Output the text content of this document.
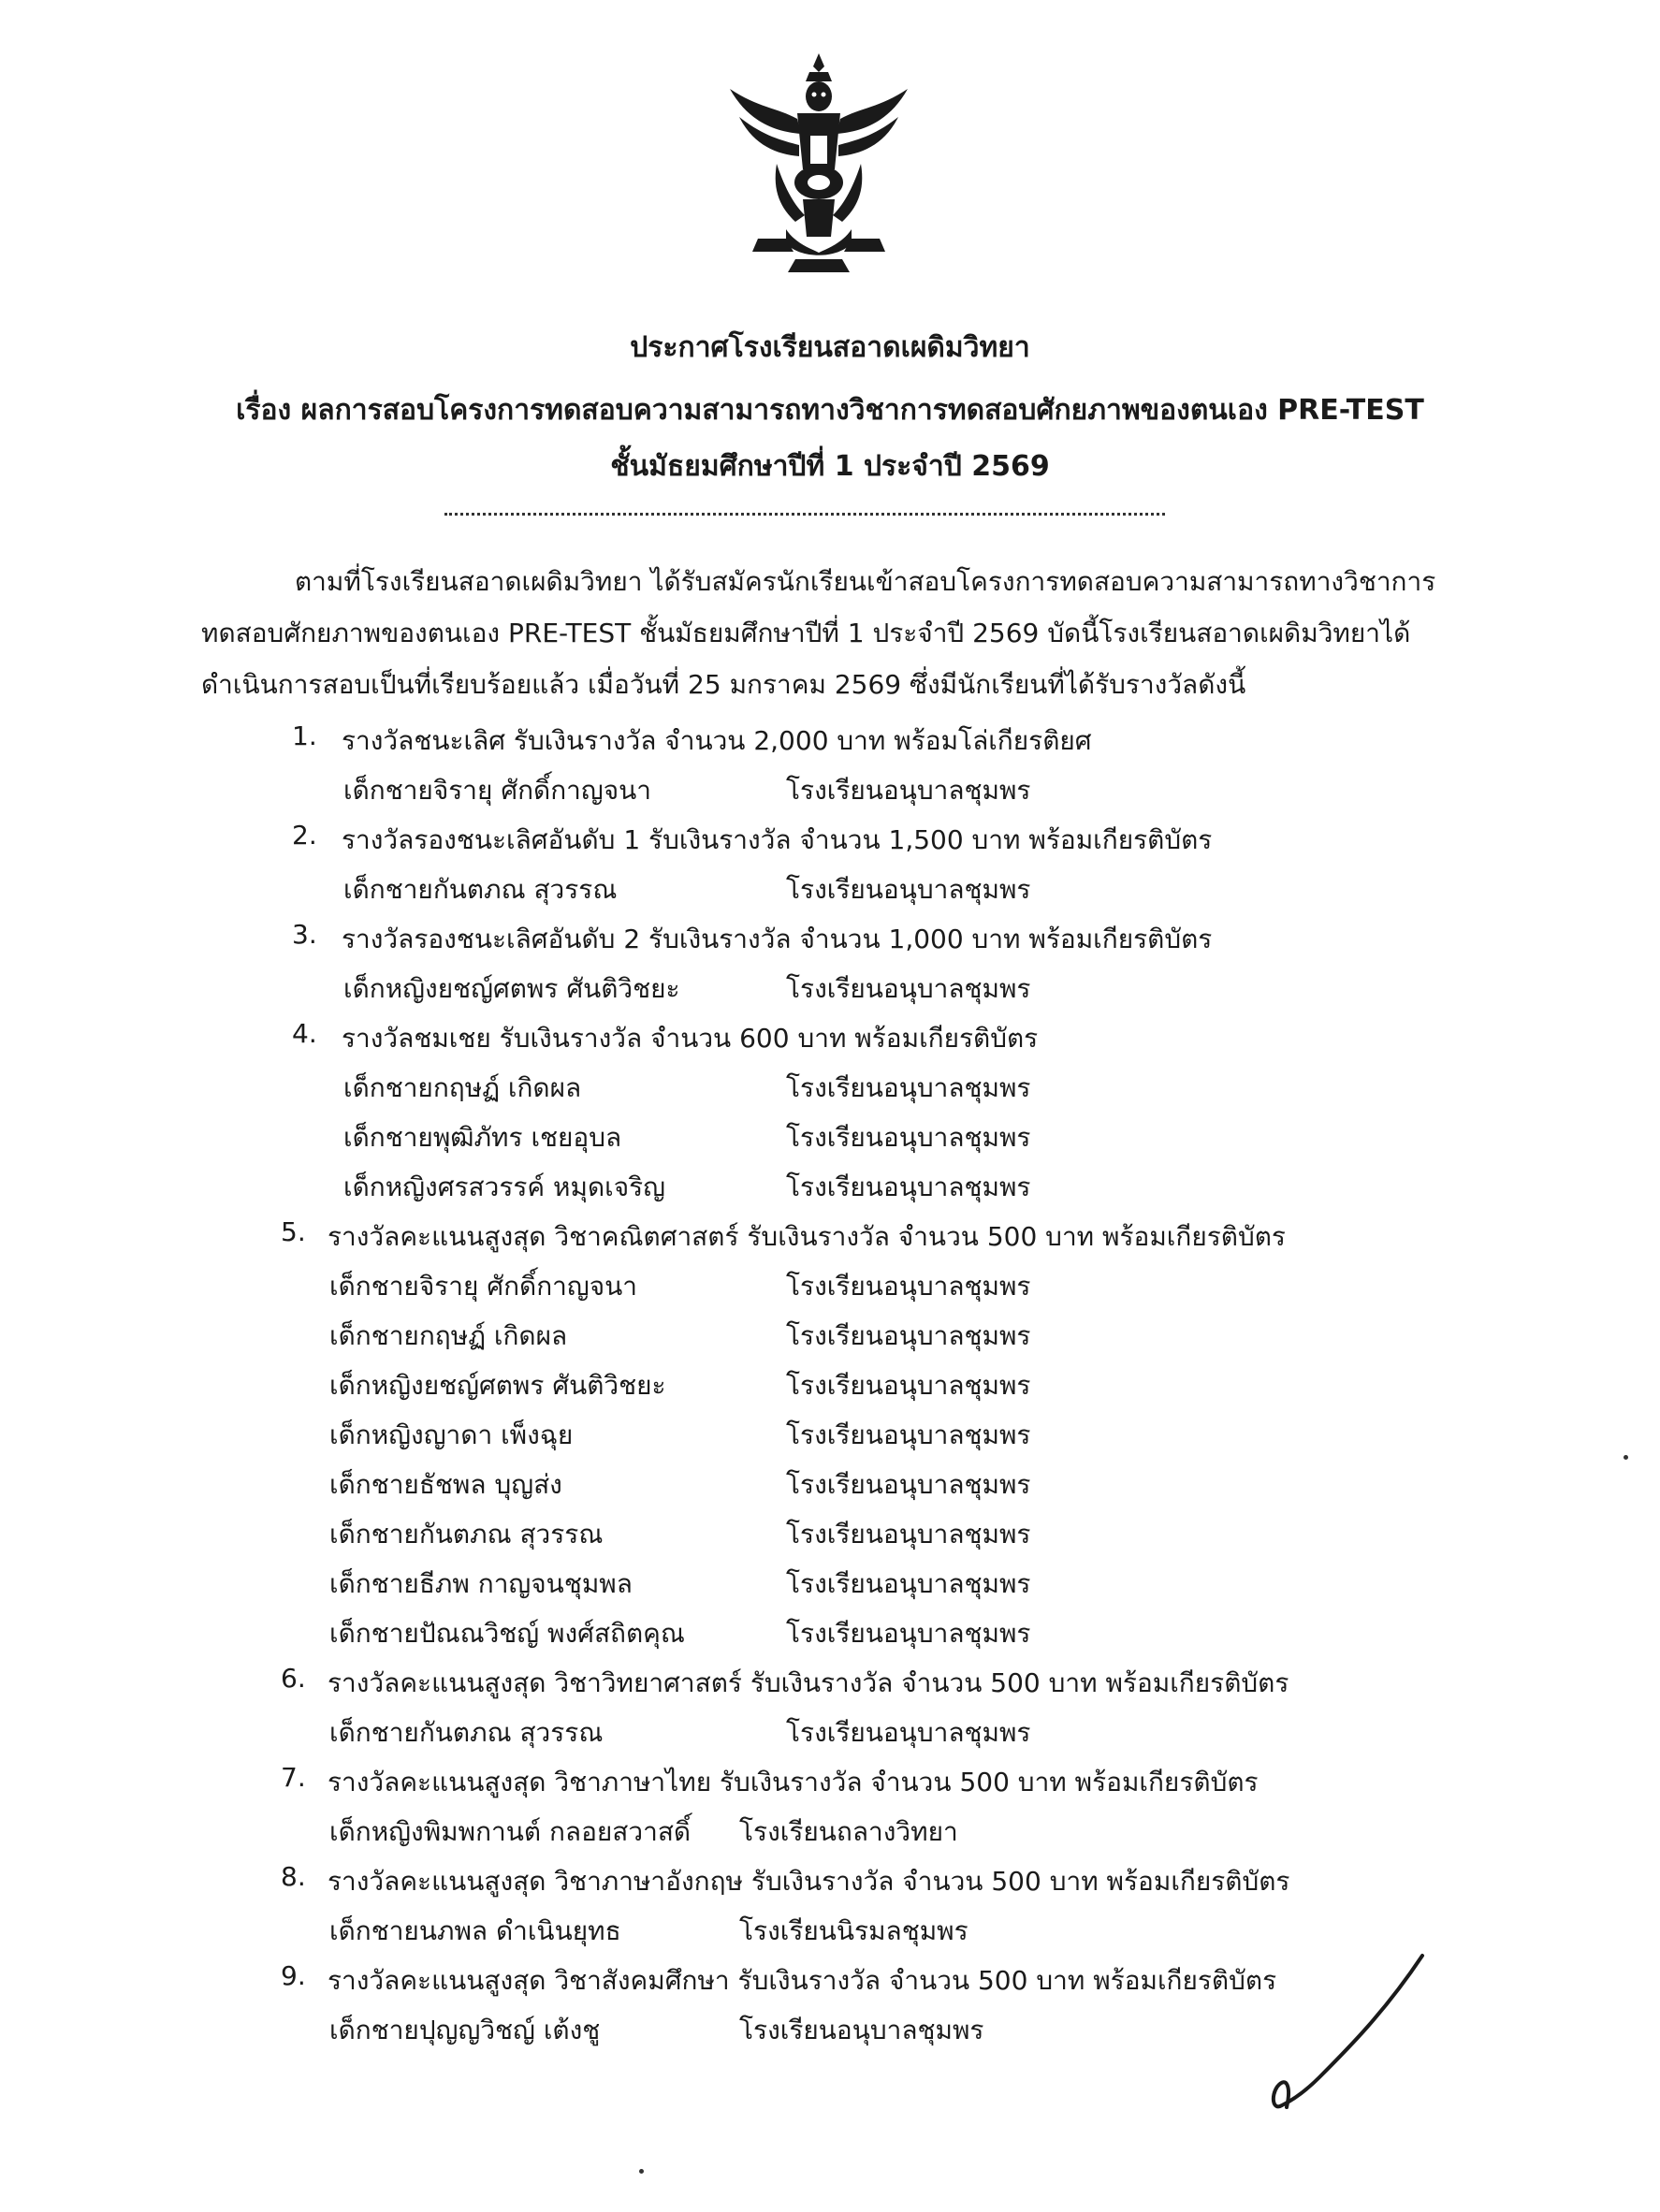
ประกาศโรงเรียนสอาดเผดิมวิทยา
เรื่อง ผลการสอบโครงการทดสอบความสามารถทางวิชาการทดสอบศักยภาพของตนเอง PRE-TEST
ชั้นมัธยมศึกษาปีที่ 1 ประจำปี 2569
ตามที่โรงเรียนสอาดเผดิมวิทยา ได้รับสมัครนักเรียนเข้าสอบโครงการทดสอบความสามารถทางวิชาการ
ทดสอบศักยภาพของตนเอง PRE-TEST ชั้นมัธยมศึกษาปีที่ 1 ประจำปี 2569 บัดนี้โรงเรียนสอาดเผดิมวิทยาได้
ดำเนินการสอบเป็นที่เรียบร้อยแล้ว เมื่อวันที่ 25 มกราคม 2569 ซึ่งมีนักเรียนที่ได้รับรางวัลดังนี้
1. รางวัลชนะเลิศ รับเงินรางวัล จำนวน 2,000 บาท พร้อมโล่เกียรติยศ
เด็กชายจิรายุ ศักดิ์กาญจนา	โรงเรียนอนุบาลชุมพร
2. รางวัลรองชนะเลิศอันดับ 1 รับเงินรางวัล จำนวน 1,500 บาท พร้อมเกียรติบัตร
เด็กชายกันตภณ สุวรรณ	โรงเรียนอนุบาลชุมพร
3. รางวัลรองชนะเลิศอันดับ 2 รับเงินรางวัล จำนวน 1,000 บาท พร้อมเกียรติบัตร
เด็กหญิงยชญ์ศตพร ศันติวิชยะ	โรงเรียนอนุบาลชุมพร
4. รางวัลชมเชย รับเงินรางวัล จำนวน 600 บาท พร้อมเกียรติบัตร
เด็กชายกฤษฏ์ เกิดผล	โรงเรียนอนุบาลชุมพร
เด็กชายพุฒิภัทร เชยอุบล	โรงเรียนอนุบาลชุมพร
เด็กหญิงศรสวรรค์ หมุดเจริญ	โรงเรียนอนุบาลชุมพร
5. รางวัลคะแนนสูงสุด วิชาคณิตศาสตร์ รับเงินรางวัล จำนวน 500 บาท พร้อมเกียรติบัตร
เด็กชายจิรายุ ศักดิ์กาญจนา	โรงเรียนอนุบาลชุมพร
เด็กชายกฤษฏ์ เกิดผล	โรงเรียนอนุบาลชุมพร
เด็กหญิงยชญ์ศตพร ศันติวิชยะ	โรงเรียนอนุบาลชุมพร
เด็กหญิงญาดา เพ็งฉุย	โรงเรียนอนุบาลชุมพร
เด็กชายธัชพล บุญส่ง	โรงเรียนอนุบาลชุมพร
เด็กชายกันตภณ สุวรรณ	โรงเรียนอนุบาลชุมพร
เด็กชายธีภพ กาญจนชุมพล	โรงเรียนอนุบาลชุมพร
เด็กชายปัณณวิชญ์ พงศ์สถิตคุณ	โรงเรียนอนุบาลชุมพร
6. รางวัลคะแนนสูงสุด วิชาวิทยาศาสตร์ รับเงินรางวัล จำนวน 500 บาท พร้อมเกียรติบัตร
เด็กชายกันตภณ สุวรรณ	โรงเรียนอนุบาลชุมพร
7. รางวัลคะแนนสูงสุด วิชาภาษาไทย รับเงินรางวัล จำนวน 500 บาท พร้อมเกียรติบัตร
เด็กหญิงพิมพกานต์ กลอยสวาสดิ์ โรงเรียนถลางวิทยา
8. รางวัลคะแนนสูงสุด วิชาภาษาอังกฤษ รับเงินรางวัล จำนวน 500 บาท พร้อมเกียรติบัตร
เด็กชายนภพล ดำเนินยุทธ	โรงเรียนนิรมลชุมพร
9. รางวัลคะแนนสูงสุด วิชาสังคมศึกษา รับเงินรางวัล จำนวน 500 บาท พร้อมเกียรติบัตร
เด็กชายปุญญวิชญ์ เต้งชู	โรงเรียนอนุบาลชุมพร
